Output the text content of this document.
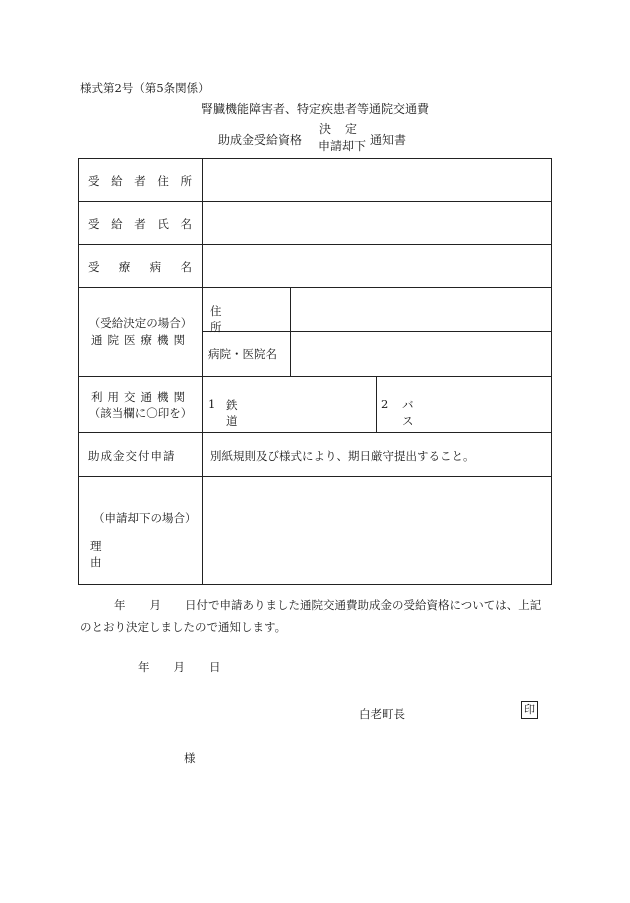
様式第2号（第5条関係）
腎臓機能障害者、特定疾患者等通院交通費
助成金受給資格
決定
申請却下 通知書
受 給 者 住 所
受 給 者 氏 名
受 療 病 名
（受給決定の場合）
通院医療機関
住所
病院・医院名
利用交通機関
（該当欄に〇印を）
1 鉄道
2 バス
助成金交付申請	別紙規則及び様式により、期日厳守提出すること。
（申請却下の場合）
理由
年 月 日付で申請ありました通院交通費助成金の受給資格については、上記のとおり決定しましたので通知します。
年 月 日
白老町長	印
様
